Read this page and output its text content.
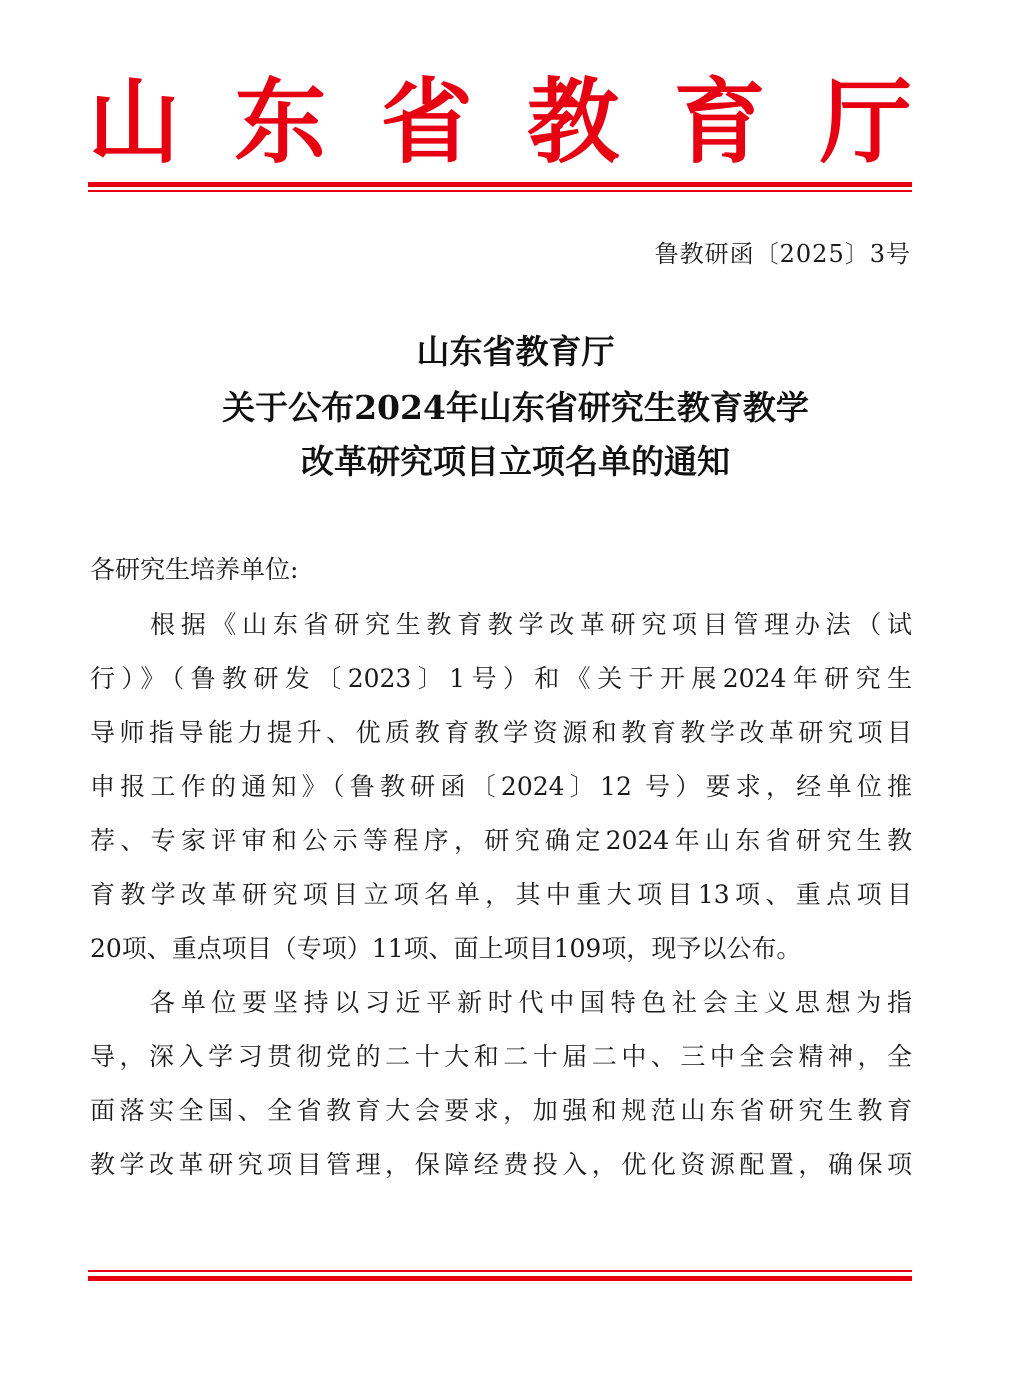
山 东 省 教 育 厅
鲁教研函〔2025〕3号
山东省教育厅
关于公布2024年山东省研究生教育教学
改革研究项目立项名单的通知
各研究生培养单位:
根据《山东省研究生教育教学改革研究项目管理办法（试
行）》（鲁教研发〔2023〕1号）和《关于开展2024年研究生
导师指导能力提升、优质教育教学资源和教育教学改革研究项目
申报工作的通知》（鲁教研函〔2024〕12 号）要求，经单位推
荐、专家评审和公示等程序，研究确定2024年山东省研究生教
育教学改革研究项目立项名单，其中重大项目13项、重点项目
20项、重点项目（专项）11项、面上项目109项，现予以公布。
各单位要坚持以习近平新时代中国特色社会主义思想为指
导，深入学习贯彻党的二十大和二十届二中、三中全会精神，全
面落实全国、全省教育大会要求，加强和规范山东省研究生教育
教学改革研究项目管理，保障经费投入，优化资源配置，确保项
